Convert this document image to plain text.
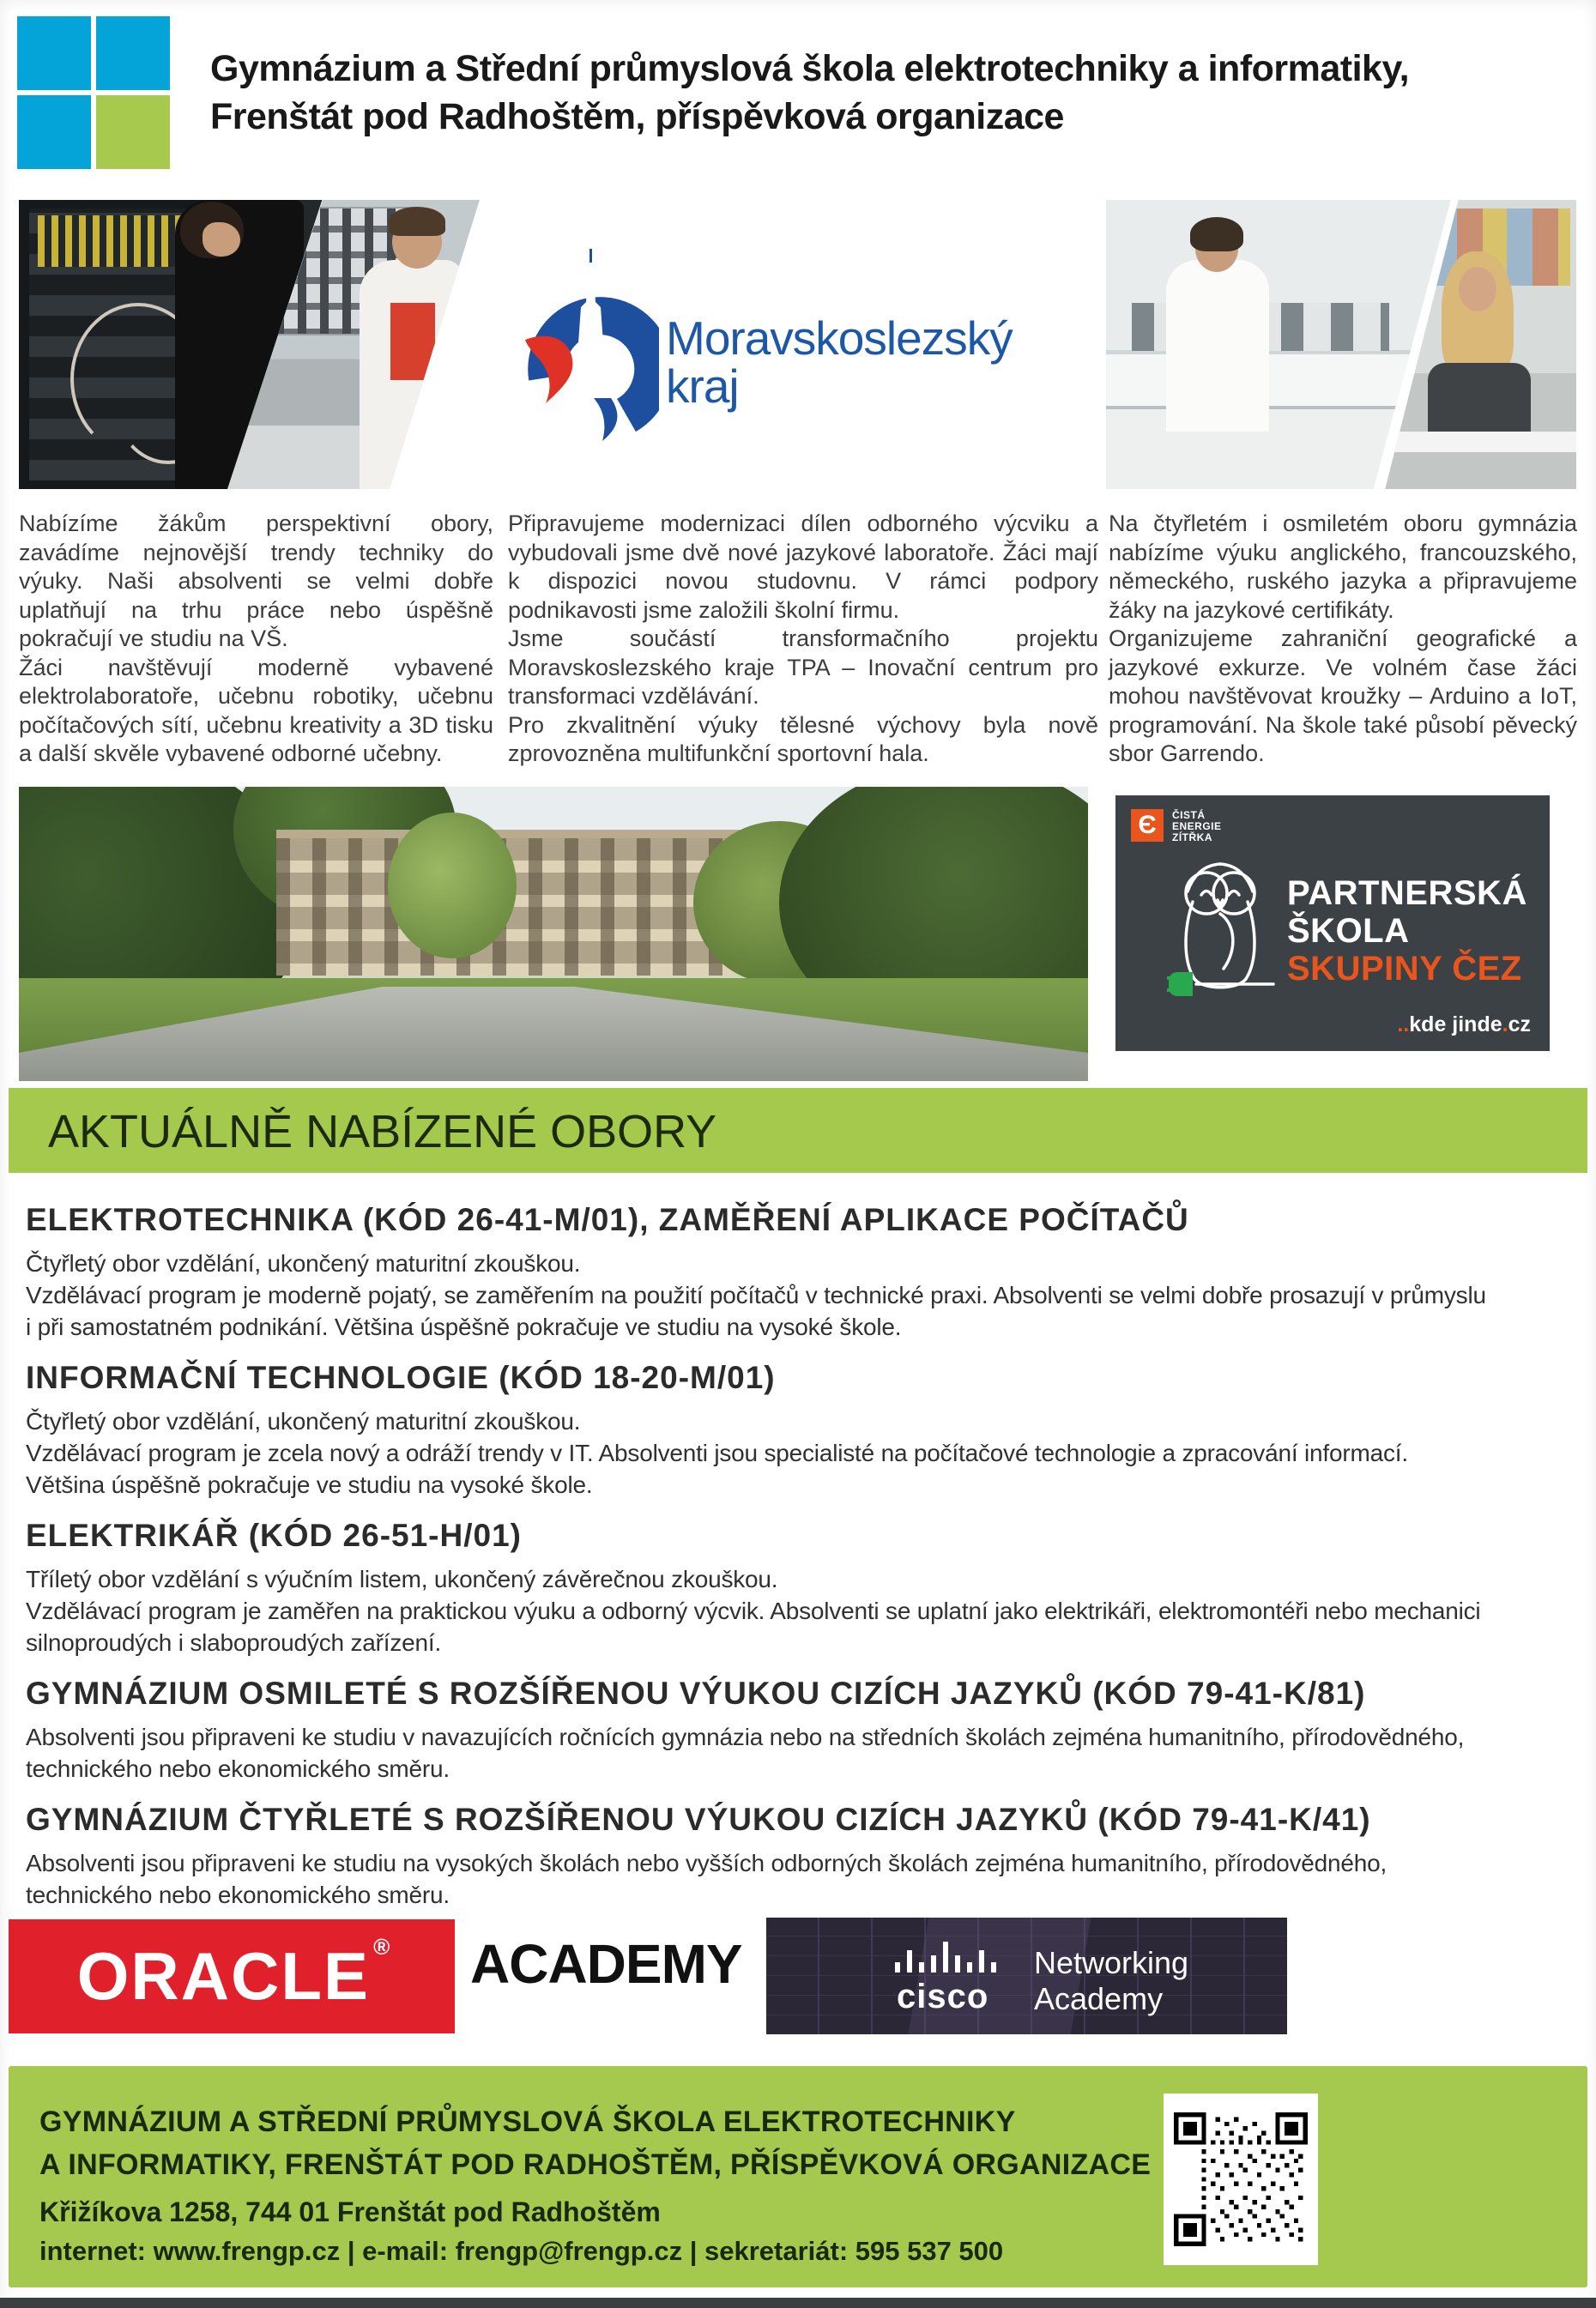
Gymnázium a Střední průmyslová škola elektrotechniky a informatiky,
Frenštát pod Radhoštěm, příspěvková organizace
Moravskoslezský
kraj

Nabízíme žákům perspektivní obory, zavádíme nejnovější trendy techniky do výuky. Naši absolventi se velmi dobře uplatňují na trhu práce nebo úspěšně pokračují ve studiu na VŠ.

Žáci navštěvují moderně vybavené elektrolaboratoře, učebnu robotiky, učebnu počítačových sítí, učebnu kreativity a 3D tisku a další skvěle vybavené odborné učebny.

Připravujeme modernizaci dílen odborného výcviku a vybudovali jsme dvě nové jazykové laboratoře. Žáci mají k dispozici novou studovnu. V rámci podpory podnikavosti jsme založili školní firmu.

Jsme součástí transformačního projektu Moravskoslezského kraje TPA – Inovační centrum pro transformaci vzdělávání.

Pro zkvalitnění výuky tělesné výchovy byla nově zprovozněna multifunkční sportovní hala.

Na čtyřletém i osmiletém oboru gymnázia nabízíme výuku anglického, francouzského, německého, ruského jazyka a připravujeme žáky na jazykové certifikáty.

Organizujeme zahraniční geografické a jazykové exkurze. Ve volném čase žáci mohou navštěvovat kroužky – Arduino a IoT, programování. Na škole také působí pěvecký sbor Garrendo.

Є ČISTÁ
ENERGIE
ZÍTŘKA
PARTNERSKÁ
ŠKOLA
SKUPINY ČEZ
..kde jinde.cz
AKTUÁLNĚ NABÍZENÉ OBORY
ELEKTROTECHNIKA (KÓD 26-41-M/01), ZAMĚŘENÍ APLIKACE POČÍTAČŮ
Čtyřletý obor vzdělání, ukončený maturitní zkouškou.
Vzdělávací program je moderně pojatý, se zaměřením na použití počítačů v technické praxi. Absolventi se velmi dobře prosazují v průmyslu
i při samostatném podnikání. Většina úspěšně pokračuje ve studiu na vysoké škole.
INFORMAČNÍ TECHNOLOGIE (KÓD 18-20-M/01)
Čtyřletý obor vzdělání, ukončený maturitní zkouškou.
Vzdělávací program je zcela nový a odráží trendy v IT. Absolventi jsou specialisté na počítačové technologie a zpracování informací.
Většina úspěšně pokračuje ve studiu na vysoké škole.
ELEKTRIKÁŘ (KÓD 26-51-H/01)
Tříletý obor vzdělání s výučním listem, ukončený závěrečnou zkouškou.
Vzdělávací program je zaměřen na praktickou výuku a odborný výcvik. Absolventi se uplatní jako elektrikáři, elektromontéři nebo mechanici
silnoproudých i slaboproudých zařízení.
GYMNÁZIUM OSMILETÉ S ROZŠÍŘENOU VÝUKOU CIZÍCH JAZYKŮ (KÓD 79-41-K/81)
Absolventi jsou připraveni ke studiu v navazujících ročnících gymnázia nebo na středních školách zejména humanitního, přírodovědného,
technického nebo ekonomického směru.
GYMNÁZIUM ČTYŘLETÉ S ROZŠÍŘENOU VÝUKOU CIZÍCH JAZYKŮ (KÓD 79-41-K/41)
Absolventi jsou připraveni ke studiu na vysokých školách nebo vyšších odborných školách zejména humanitního, přírodovědného,
technického nebo ekonomického směru.
ORACLE ® ACADEMY
cisco
Networking
Academy
GYMNÁZIUM A STŘEDNÍ PRŮMYSLOVÁ ŠKOLA ELEKTROTECHNIKY
A INFORMATIKY, FRENŠTÁT POD RADHOŠTĚM, PŘÍSPĚVKOVÁ ORGANIZACE
Křižíkova 1258, 744 01 Frenštát pod Radhoštěm
internet: www.frengp.cz | e-mail: frengp@frengp.cz | sekretariát: 595 537 500
